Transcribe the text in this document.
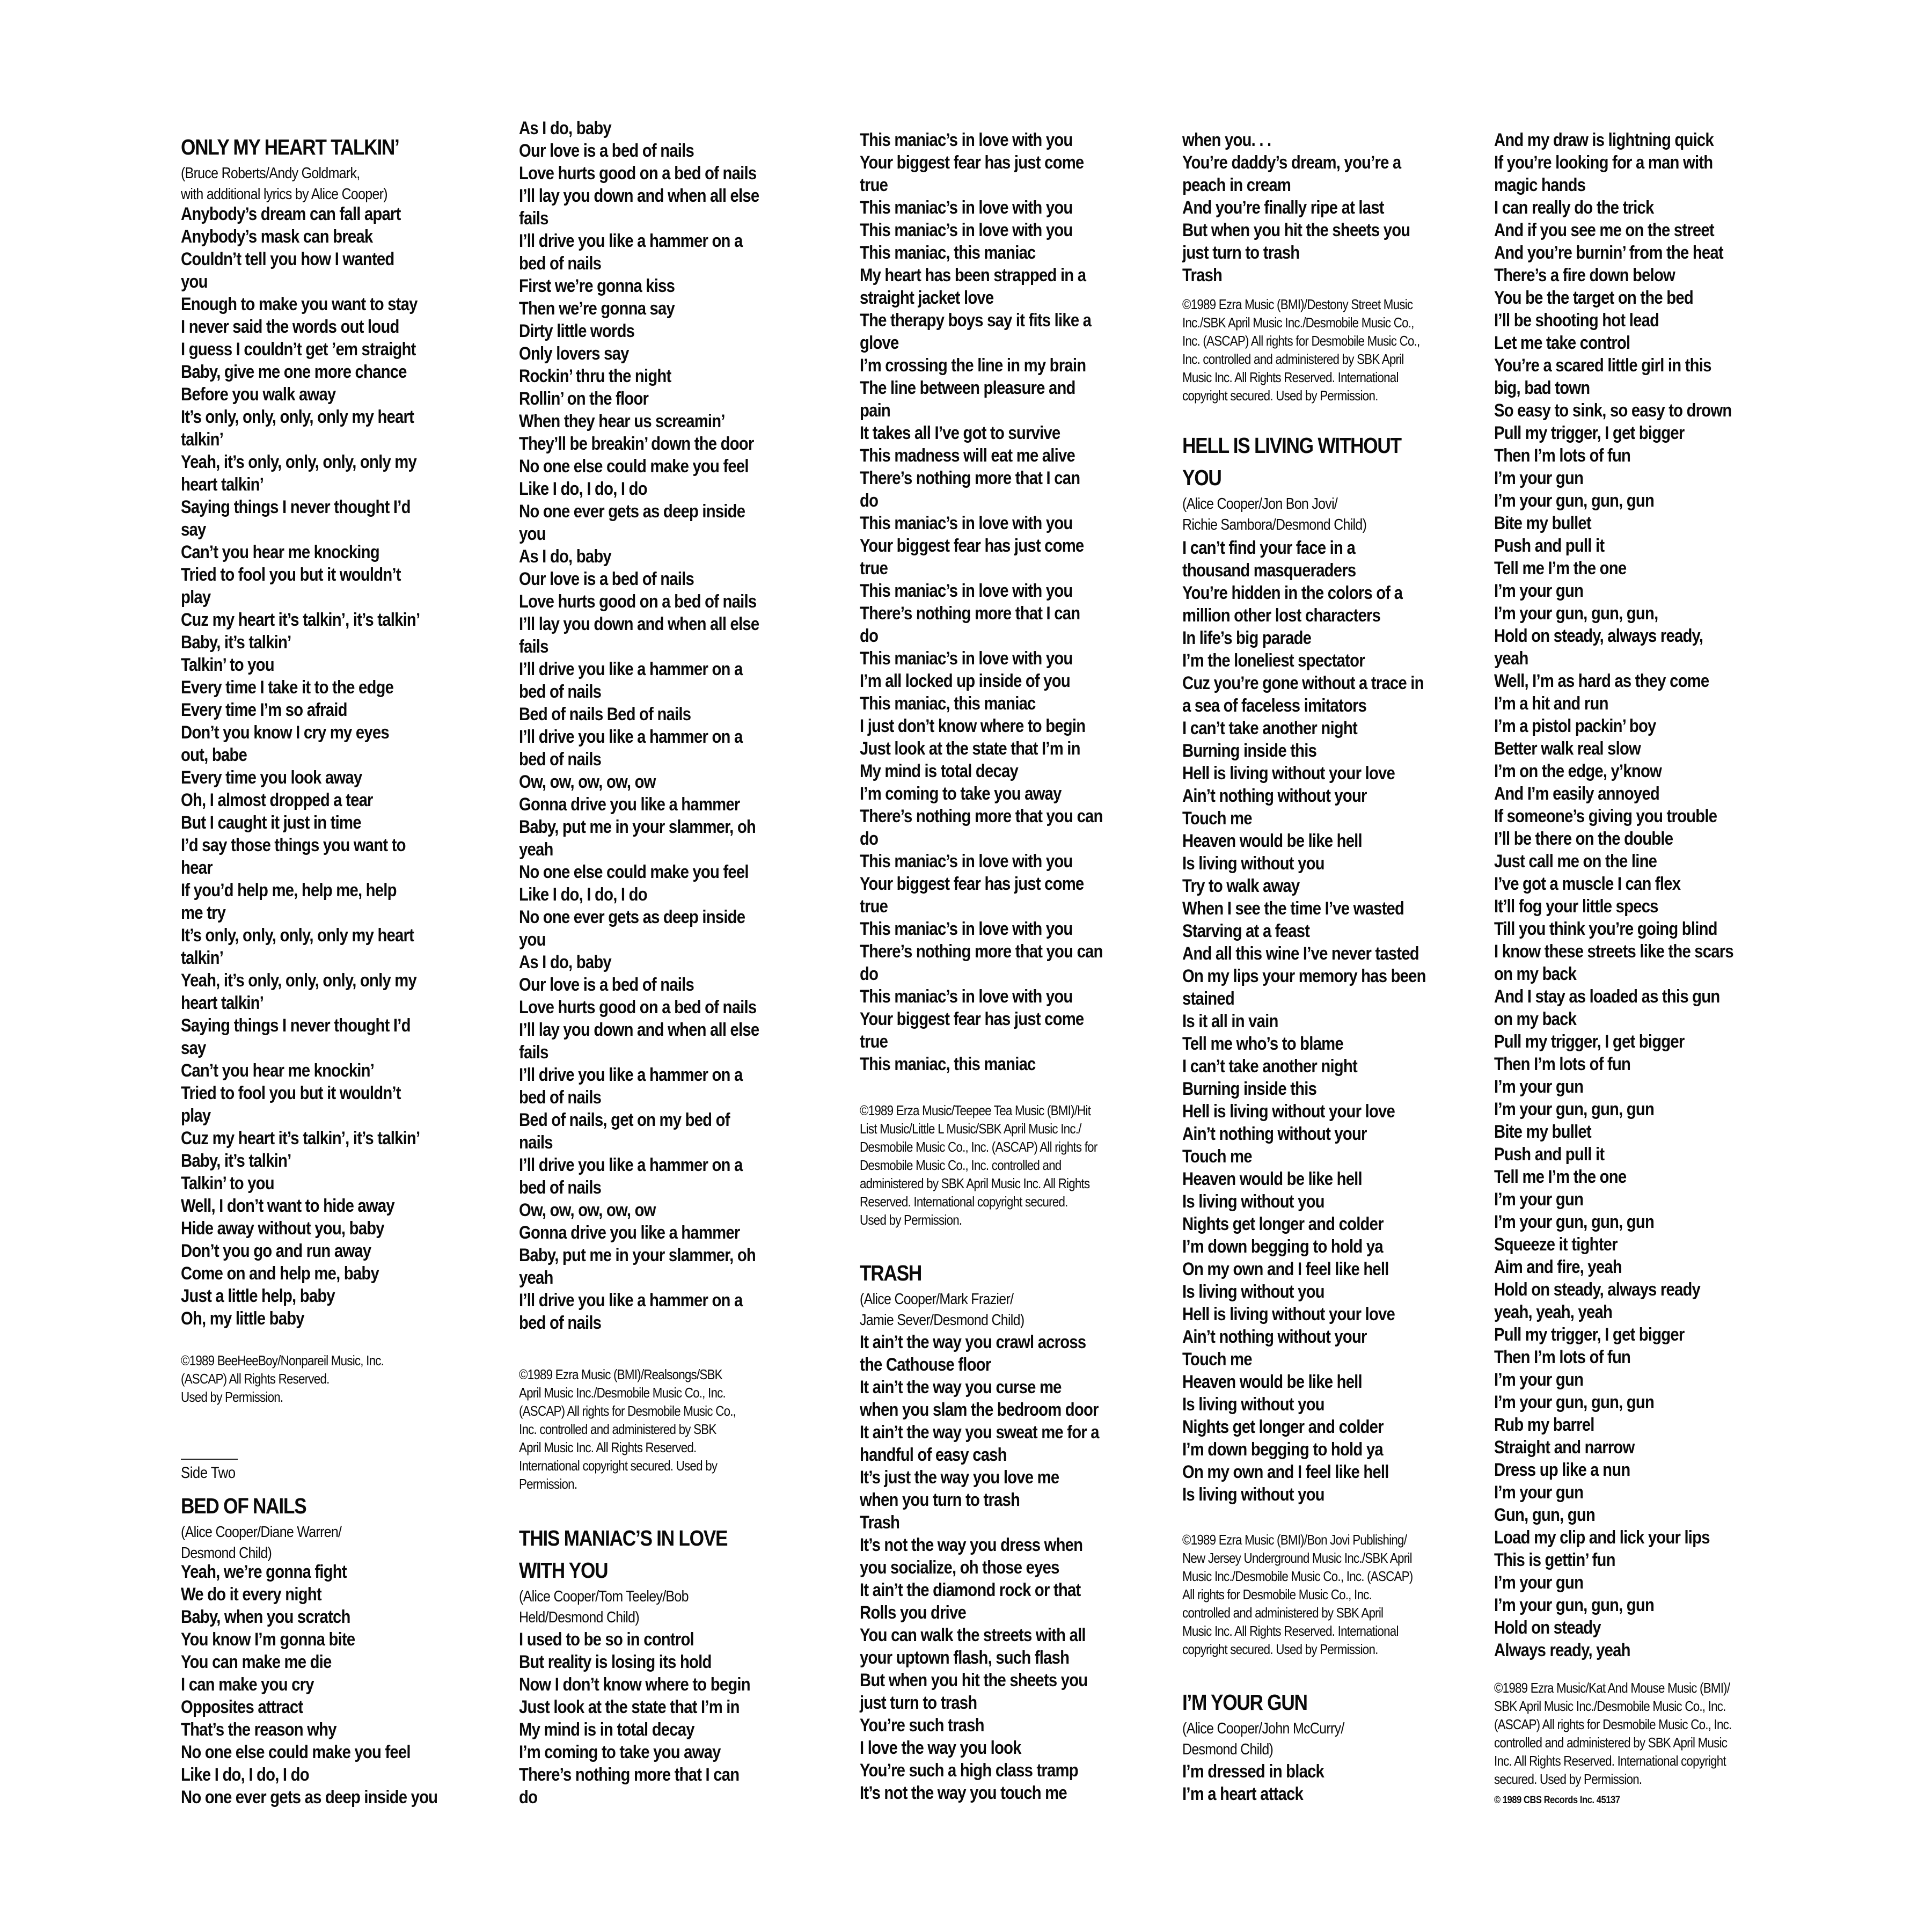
ONLY MY HEART TALKIN’

(Bruce Roberts/Andy Goldmark,
with additional lyrics by Alice Cooper)

Anybody’s dream can fall apart
Anybody’s mask can break
Couldn’t tell you how I wanted
you
Enough to make you want to stay
I never said the words out loud
I guess I couldn’t get ’em straight
Baby, give me one more chance
Before you walk away
It’s only, only, only, only my heart
talkin’
Yeah, it’s only, only, only, only my
heart talkin’
Saying things I never thought I’d
say
Can’t you hear me knocking
Tried to fool you but it wouldn’t
play
Cuz my heart it’s talkin’, it’s talkin’
Baby, it’s talkin’
Talkin’ to you
Every time I take it to the edge
Every time I’m so afraid
Don’t you know I cry my eyes
out, babe
Every time you look away
Oh, I almost dropped a tear
But I caught it just in time
I’d say those things you want to
hear
If you’d help me, help me, help
me try
It’s only, only, only, only my heart
talkin’
Yeah, it’s only, only, only, only my
heart talkin’
Saying things I never thought I’d
say
Can’t you hear me knockin’
Tried to fool you but it wouldn’t
play
Cuz my heart it’s talkin’, it’s talkin’
Baby, it’s talkin’
Talkin’ to you
Well, I don’t want to hide away
Hide away without you, baby
Don’t you go and run away
Come on and help me, baby
Just a little help, baby
Oh, my little baby

©1989 BeeHeeBoy/Nonpareil Music, Inc.
(ASCAP) All Rights Reserved.
Used by Permission.

Side Two
BED OF NAILS

(Alice Cooper/Diane Warren/
Desmond Child)

Yeah, we’re gonna fight
We do it every night
Baby, when you scratch
You know I’m gonna bite
You can make me die
I can make you cry
Opposites attract
That’s the reason why
No one else could make you feel
Like I do, I do, I do
No one ever gets as deep inside you
As I do, baby
Our love is a bed of nails
Love hurts good on a bed of nails
I’ll lay you down and when all else
fails
I’ll drive you like a hammer on a
bed of nails
First we’re gonna kiss
Then we’re gonna say
Dirty little words
Only lovers say
Rockin’ thru the night
Rollin’ on the floor
When they hear us screamin’
They’ll be breakin’ down the door
No one else could make you feel
Like I do, I do, I do
No one ever gets as deep inside
you
As I do, baby
Our love is a bed of nails
Love hurts good on a bed of nails
I’ll lay you down and when all else
fails
I’ll drive you like a hammer on a
bed of nails
Bed of nails Bed of nails
I’ll drive you like a hammer on a
bed of nails
Ow, ow, ow, ow, ow
Gonna drive you like a hammer
Baby, put me in your slammer, oh
yeah
No one else could make you feel
Like I do, I do, I do
No one ever gets as deep inside
you
As I do, baby
Our love is a bed of nails
Love hurts good on a bed of nails
I’ll lay you down and when all else
fails
I’ll drive you like a hammer on a
bed of nails
Bed of nails, get on my bed of
nails
I’ll drive you like a hammer on a
bed of nails
Ow, ow, ow, ow, ow
Gonna drive you like a hammer
Baby, put me in your slammer, oh
yeah
I’ll drive you like a hammer on a
bed of nails

©1989 Ezra Music (BMI)/Realsongs/SBK
April Music Inc./Desmobile Music Co., Inc.
(ASCAP) All rights for Desmobile Music Co.,
Inc. controlled and administered by SBK
April Music Inc. All Rights Reserved.
International copyright secured. Used by
Permission.

THIS MANIAC’S IN LOVE
WITH YOU

(Alice Cooper/Tom Teeley/Bob
Held/Desmond Child)

I used to be so in control
But reality is losing its hold
Now I don’t know where to begin
Just look at the state that I’m in
My mind is in total decay
I’m coming to take you away
There’s nothing more that I can
do
This maniac’s in love with you
Your biggest fear has just come
true
This maniac’s in love with you
This maniac’s in love with you
This maniac, this maniac
My heart has been strapped in a
straight jacket love
The therapy boys say it fits like a
glove
I’m crossing the line in my brain
The line between pleasure and
pain
It takes all I’ve got to survive
This madness will eat me alive
There’s nothing more that I can
do
This maniac’s in love with you
Your biggest fear has just come
true
This maniac’s in love with you
There’s nothing more that I can
do
This maniac’s in love with you
I’m all locked up inside of you
This maniac, this maniac
I just don’t know where to begin
Just look at the state that I’m in
My mind is total decay
I’m coming to take you away
There’s nothing more that you can
do
This maniac’s in love with you
Your biggest fear has just come
true
This maniac’s in love with you
There’s nothing more that you can
do
This maniac’s in love with you
Your biggest fear has just come
true
This maniac, this maniac

©1989 Erza Music/Teepee Tea Music (BMI)/Hit
List Music/Little L Music/SBK April Music Inc./
Desmobile Music Co., Inc. (ASCAP) All rights for
Desmobile Music Co., Inc. controlled and
administered by SBK April Music Inc. All Rights
Reserved. International copyright secured.
Used by Permission.

TRASH

(Alice Cooper/Mark Frazier/
Jamie Sever/Desmond Child)

It ain’t the way you crawl across
the Cathouse floor
It ain’t the way you curse me
when you slam the bedroom door
It ain’t the way you sweat me for a
handful of easy cash
It’s just the way you love me
when you turn to trash
Trash
It’s not the way you dress when
you socialize, oh those eyes
It ain’t the diamond rock or that
Rolls you drive
You can walk the streets with all
your uptown flash, such flash
But when you hit the sheets you
just turn to trash
You’re such trash
I love the way you look
You’re such a high class tramp
It’s not the way you touch me
when you. . .
You’re daddy’s dream, you’re a
peach in cream
And you’re finally ripe at last
But when you hit the sheets you
just turn to trash
Trash

©1989 Ezra Music (BMI)/Destony Street Music
Inc./SBK April Music Inc./Desmobile Music Co.,
Inc. (ASCAP) All rights for Desmobile Music Co.,
Inc. controlled and administered by SBK April
Music Inc. All Rights Reserved. International
copyright secured. Used by Permission.

HELL IS LIVING WITHOUT
YOU

(Alice Cooper/Jon Bon Jovi/
Richie Sambora/Desmond Child)

I can’t find your face in a
thousand masqueraders
You’re hidden in the colors of a
million other lost characters
In life’s big parade
I’m the loneliest spectator
Cuz you’re gone without a trace in
a sea of faceless imitators
I can’t take another night
Burning inside this
Hell is living without your love
Ain’t nothing without your
Touch me
Heaven would be like hell
Is living without you
Try to walk away
When I see the time I’ve wasted
Starving at a feast
And all this wine I’ve never tasted
On my lips your memory has been
stained
Is it all in vain
Tell me who’s to blame
I can’t take another night
Burning inside this
Hell is living without your love
Ain’t nothing without your
Touch me
Heaven would be like hell
Is living without you
Nights get longer and colder
I’m down begging to hold ya
On my own and I feel like hell
Is living without you
Hell is living without your love
Ain’t nothing without your
Touch me
Heaven would be like hell
Is living without you
Nights get longer and colder
I’m down begging to hold ya
On my own and I feel like hell
Is living without you

©1989 Ezra Music (BMI)/Bon Jovi Publishing/
New Jersey Underground Music Inc./SBK April
Music Inc./Desmobile Music Co., Inc. (ASCAP)
All rights for Desmobile Music Co., Inc.
controlled and administered by SBK April
Music Inc. All Rights Reserved. International
copyright secured. Used by Permission.

I’M YOUR GUN

(Alice Cooper/John McCurry/
Desmond Child)

I’m dressed in black
I’m a heart attack
And my draw is lightning quick
If you’re looking for a man with
magic hands
I can really do the trick
And if you see me on the street
And you’re burnin’ from the heat
There’s a fire down below
You be the target on the bed
I’ll be shooting hot lead
Let me take control
You’re a scared little girl in this
big, bad town
So easy to sink, so easy to drown
Pull my trigger, I get bigger
Then I’m lots of fun
I’m your gun
I’m your gun, gun, gun
Bite my bullet
Push and pull it
Tell me I’m the one
I’m your gun
I’m your gun, gun, gun,
Hold on steady, always ready,
yeah
Well, I’m as hard as they come
I’m a hit and run
I’m a pistol packin’ boy
Better walk real slow
I’m on the edge, y’know
And I’m easily annoyed
If someone’s giving you trouble
I’ll be there on the double
Just call me on the line
I’ve got a muscle I can flex
It’ll fog your little specs
Till you think you’re going blind
I know these streets like the scars
on my back
And I stay as loaded as this gun
on my back
Pull my trigger, I get bigger
Then I’m lots of fun
I’m your gun
I’m your gun, gun, gun
Bite my bullet
Push and pull it
Tell me I’m the one
I’m your gun
I’m your gun, gun, gun
Squeeze it tighter
Aim and fire, yeah
Hold on steady, always ready
yeah, yeah, yeah
Pull my trigger, I get bigger
Then I’m lots of fun
I’m your gun
I’m your gun, gun, gun
Rub my barrel
Straight and narrow
Dress up like a nun
I’m your gun
Gun, gun, gun
Load my clip and lick your lips
This is gettin’ fun
I’m your gun
I’m your gun, gun, gun
Hold on steady
Always ready, yeah

©1989 Ezra Music/Kat And Mouse Music (BMI)/
SBK April Music Inc./Desmobile Music Co., Inc.
(ASCAP) All rights for Desmobile Music Co., Inc.
controlled and administered by SBK April Music
Inc. All Rights Reserved. International copyright
secured. Used by Permission.

© 1989 CBS Records Inc. 45137
